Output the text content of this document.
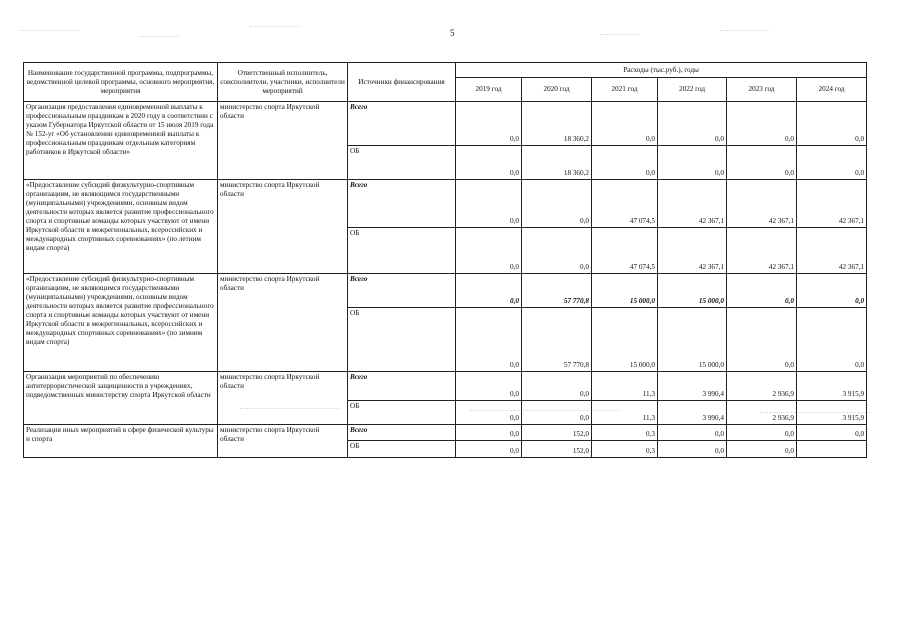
5
Наименование государственной программы, подпрограммы, ведомственной целевой программы, основного мероприятия, мероприятия	Ответственный исполнитель, соисполнители, участники, исполнители мероприятий	Источники финансирования	Расходы (тыс.руб.), годы					
			2019 год	2020 год	2021 год	2022 год	2023 год	2024 год
Организация предоставления единовременной выплаты к профессиональным праздникам в 2020 году в соответствии с указом Губернатора Иркутской области от 15 июля 2019 года № 152-уг «Об установлении единовременной выплаты к профессиональным праздникам отдельным категориям работников в Иркутской области»	министерство спорта Иркутской области	Всего	0,0	18 360,2	0,0	0,0	0,0	0,0
		ОБ	0,0	18 360,2	0,0	0,0	0,0	0,0
«Предоставление субсидий физкультурно-спортивным организациям, не являющимся государственными (муниципальными) учреждениями, основным видом деятельности которых является развитие профессионального спорта и спортивные команды которых участвуют от имени Иркутской области в межрегиональных, всероссийских и международных спортивных соревнованиях» (по летним видам спорта)	министерство спорта Иркутской области	Всего	0,0	0,0	47 074,5	42 367,1	42 367,1	42 367,1
		ОБ	0,0	0,0	47 074,5	42 367,1	42 367,1	42 367,1
«Предоставление субсидий физкультурно-спортивным организациям, не являющимся государственными (муниципальными) учреждениями, основным видом деятельности которых является развитие профессионального спорта и спортивные команды которых участвуют от имени Иркутской области в межрегиональных, всероссийских и международных спортивных соревнованиях» (по зимним видам спорта)	министерство спорта Иркутской области	Всего	0,0	57 770,8	15 000,0	15 000,0	0,0	0,0
		ОБ	0,0	57 770,8	15 000,0	15 000,0	0,0	0,0
Организация мероприятий по обеспечению антитеррористической защищенности в учреждениях, подведомственных министерству спорта Иркутской области	министерство спорта Иркутской области	Всего	0,0	0,0	11,3	3 990,4	2 936,9	3 915,9
		ОБ	0,0	0,0	11,3	3 990,4	2 936,9	3 915,9
Реализация иных мероприятий в сфере физической культуры и спорта	министерство спорта Иркутской области	Всего	0,0	152,0	0,3	0,0	0,0	0,0
		ОБ	0,0	152,0	0,3	0,0	0,0	
